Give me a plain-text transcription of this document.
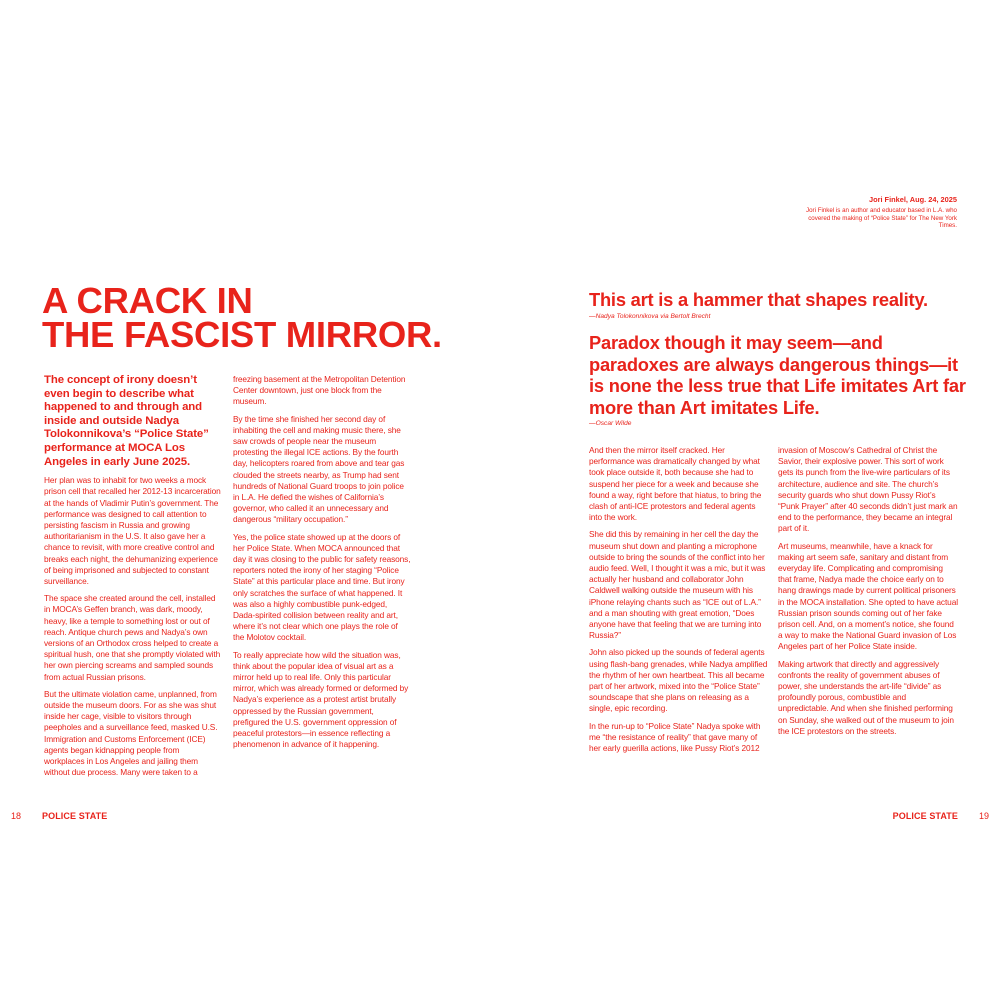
A CRACK IN
THE FASCIST MIRROR.

The concept of irony doesn’t even begin to describe what happened to and through and inside and outside Nadya Tolokonnikova’s “Police State” performance at MOCA Los Angeles in early June 2025.

Her plan was to inhabit for two weeks a mock prison cell that recalled her 2012-13 incarceration at the hands of Vladimir Putin’s government. The performance was designed to call attention to persisting fascism in Russia and growing authoritarianism in the U.S. It also gave her a chance to revisit, with more creative control and breaks each night, the dehumanizing experience of being imprisoned and subjected to constant surveillance.

The space she created around the cell, installed in MOCA’s Geffen branch, was dark, moody, heavy, like a temple to something lost or out of reach. Antique church pews and Nadya’s own versions of an Orthodox cross helped to create a spiritual hush, one that she promptly violated with her own piercing screams and sampled sounds from actual Russian prisons.

But the ultimate violation came, unplanned, from outside the museum doors. For as she was shut inside her cage, visible to visitors through peepholes and a surveillance feed, masked U.S. Immigration and Customs Enforcement (ICE) agents began kidnapping people from workplaces in Los Angeles and jailing them without due process. Many were taken to a

freezing basement at the Metropolitan Detention Center downtown, just one block from the museum.

By the time she finished her second day of inhabiting the cell and making music there, she saw crowds of people near the museum protesting the illegal ICE actions. By the fourth day, helicopters roared from above and tear gas clouded the streets nearby, as Trump had sent hundreds of National Guard troops to join police in L.A. He defied the wishes of California’s governor, who called it an unnecessary and dangerous “military occupation.”

Yes, the police state showed up at the doors of her Police State. When MOCA announced that day it was closing to the public for safety reasons, reporters noted the irony of her staging “Police State” at this particular place and time. But irony only scratches the surface of what happened. It was also a highly combustible punk-edged, Dada-spirited collision between reality and art, where it’s not clear which one plays the role of the Molotov cocktail.

To really appreciate how wild the situation was, think about the popular idea of visual art as a mirror held up to real life. Only this particular mirror, which was already formed or deformed by Nadya’s experience as a protest artist brutally oppressed by the Russian government, prefigured the U.S. government oppression of peaceful protestors—in essence reflecting a phenomenon in advance of it happening.

18 POLICE STATE
Jori Finkel, Aug. 24, 2025
Jori Finkel is an author and educator based in L.A. who covered the making of “Police State” for The New York Times.

This art is a hammer that shapes reality.

—Nadya Tolokonnikova via Bertolt Brecht

Paradox though it may seem—and paradoxes are always dangerous things—it is none the less true that Life imitates Art far more than Art imitates Life.

—Oscar Wilde

And then the mirror itself cracked. Her performance was dramatically changed by what took place outside it, both because she had to suspend her piece for a week and because she found a way, right before that hiatus, to bring the clash of anti-ICE protestors and federal agents into the work.

She did this by remaining in her cell the day the museum shut down and planting a microphone outside to bring the sounds of the conflict into her audio feed. Well, I thought it was a mic, but it was actually her husband and collaborator John Caldwell walking outside the museum with his iPhone relaying chants such as “ICE out of L.A.” and a man shouting with great emotion, “Does anyone have that feeling that we are turning into Russia?”

John also picked up the sounds of federal agents using flash-bang grenades, while Nadya amplified the rhythm of her own heartbeat. This all became part of her artwork, mixed into the “Police State” soundscape that she plans on releasing as a single, epic recording.

In the run-up to “Police State” Nadya spoke with me “the resistance of reality” that gave many of her early guerilla actions, like Pussy Riot’s 2012

invasion of Moscow’s Cathedral of Christ the Savior, their explosive power. This sort of work gets its punch from the live-wire particulars of its architecture, audience and site. The church’s security guards who shut down Pussy Riot’s “Punk Prayer” after 40 seconds didn’t just mark an end to the performance, they became an integral part of it.

Art museums, meanwhile, have a knack for making art seem safe, sanitary and distant from everyday life. Complicating and compromising that frame, Nadya made the choice early on to hang drawings made by current political prisoners in the MOCA installation. She opted to have actual Russian prison sounds coming out of her fake prison cell. And, on a moment’s notice, she found a way to make the National Guard invasion of Los Angeles part of her Police State inside.

Making artwork that directly and aggressively confronts the reality of government abuses of power, she understands the art-life “divide” as profoundly porous, combustible and unpredictable. And when she finished performing on Sunday, she walked out of the museum to join the ICE protestors on the streets.

POLICE STATE 19
